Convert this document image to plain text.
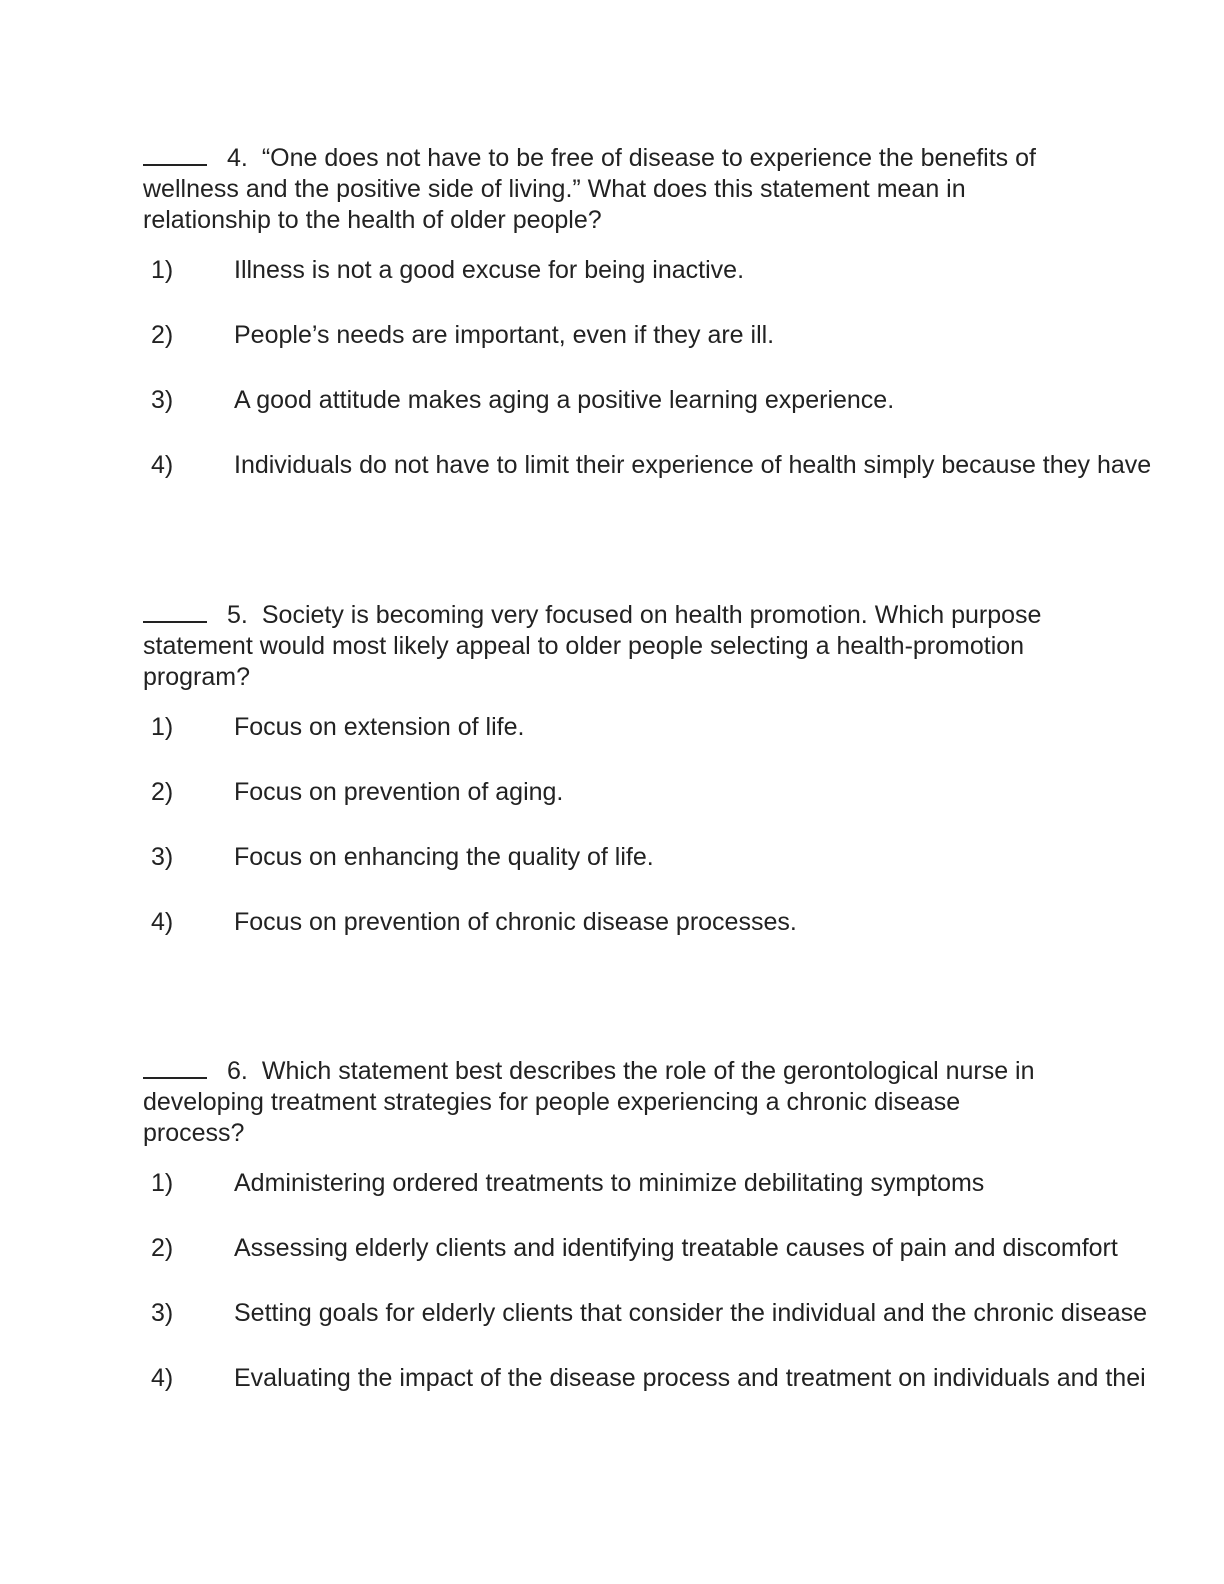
4. “One does not have to be free of disease to experience the benefits of wellness and the positive side of living.” What does this statement mean in relationship to the health of older people?

1) Illness is not a good excuse for being inactive.
2) People’s needs are important, even if they are ill.
3) A good attitude makes aging a positive learning experience.
4) Individuals do not have to limit their experience of health simply because they have

5. Society is becoming very focused on health promotion. Which purpose statement would most likely appeal to older people selecting a health-promotion program?

1) Focus on extension of life.
2) Focus on prevention of aging.
3) Focus on enhancing the quality of life.
4) Focus on prevention of chronic disease processes.

6. Which statement best describes the role of the gerontological nurse in developing treatment strategies for people experiencing a chronic disease process?

1) Administering ordered treatments to minimize debilitating symptoms
2) Assessing elderly clients and identifying treatable causes of pain and discomfort
3) Setting goals for elderly clients that consider the individual and the chronic disease
4) Evaluating the impact of the disease process and treatment on individuals and thei
